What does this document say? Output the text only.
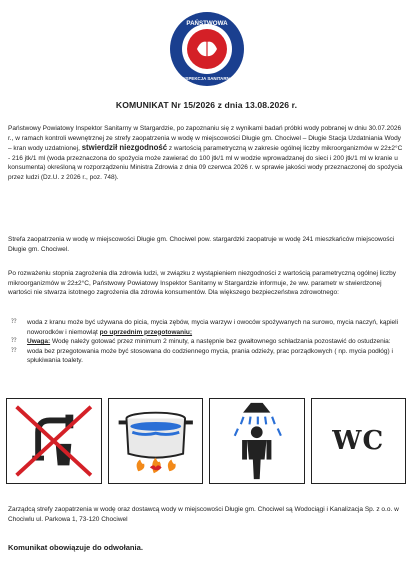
PAŃSTWOWA
INSPEKCJA SANITARNA
KOMUNIKAT Nr 15/2026 z dnia 13.08.2026 r.

Państwowy Powiatowy Inspektor Sanitarny w Stargardzie, po zapoznaniu się z wynikami badań próbki wody pobranej w dniu 30.07.2026 r., w ramach kontroli wewnętrznej ze strefy zaopatrzenia w wodę w miejscowości Długie gm. Chociwel – Długie Stacja Uzdatniania Wody – kran wody uzdatnionej, stwierdził niezgodność z wartością parametryczną w zakresie ogólnej liczby mikroorganizmów w 22±2°C - 216 jtk/1 ml (woda przeznaczona do spożycia może zawierać do 100 jtk/1 ml w wodzie wprowadzanej do sieci i 200 jtk/1 ml w kranie u konsumenta) określoną w rozporządzeniu Ministra Zdrowia z dnia 09 czerwca 2026 r. w sprawie jakości wody przeznaczonej do spożycia przez ludzi (Dz.U. z 2026 r., poz. 748).

Strefa zaopatrzenia w wodę w miejscowości Długie gm. Chociwel pow. stargardzki zaopatruje w wodę 241 mieszkańców miejscowości Długie gm. Chociwel.

Po rozważeniu stopnia zagrożenia dla zdrowia ludzi, w związku z wystąpieniem niezgodności z wartością parametryczną ogólnej liczby mikroorganizmów w 22±2°C, Państwowy Powiatowy Inspektor Sanitarny w Stargardzie informuje, że ww. parametr w stwierdzonej wartości nie stwarza istotnego zagrożenia dla zdrowia konsumentów. Dla większego bezpieczeństwa zdrowotnego:

⁇ woda z kranu może być używana do picia, mycia zębów, mycia warzyw i owoców spożywanych na surowo, mycia naczyń, kąpieli noworodków i niemowląt po uprzednim przegotowaniu;
⁇ Uwaga: Wodę należy gotować przez minimum 2 minuty, a następnie bez gwałtownego schładzania pozostawić do ostudzenia:
⁇ woda bez przegotowania może być stosowana do codziennego mycia, prania odzieży, prac porządkowych ( np. mycia podłóg) i spłukiwania toalety.
WC

Zarządcą strefy zaopatrzenia w wodę oraz dostawcą wody w miejscowości Długie gm. Chociwel są Wodociągi i Kanalizacja Sp. z o.o. w Chociwlu ul. Parkowa 1, 73-120 Chociwel

Komunikat obowiązuje do odwołania.
